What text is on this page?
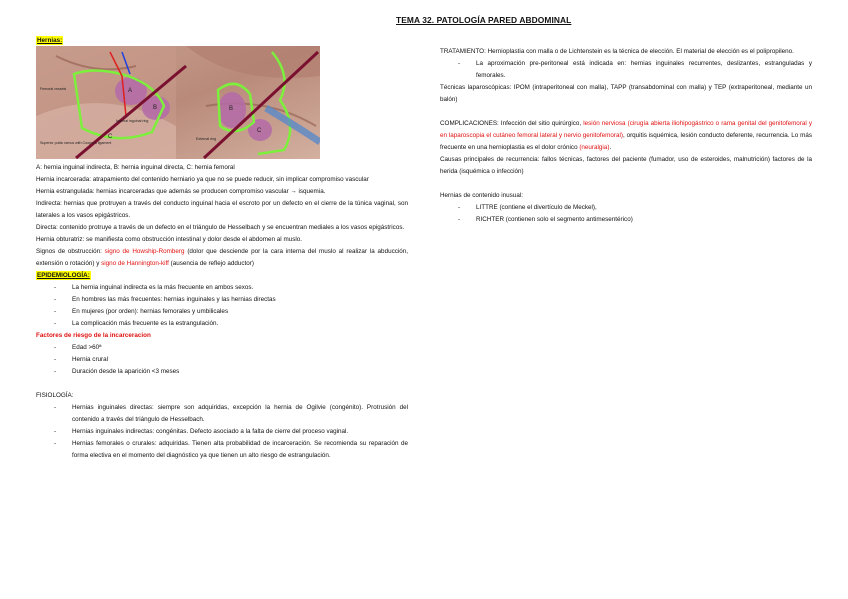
TEMA 32. PATOLOGÍA PARED ABDOMINAL
Hernias:
A
B
C
B
C
Femoral vessels
Internal inguinal ring
External ring
Superior pubic ramus with Cooper's ligament

A: hernia inguinal indirecta, B: hernia inguinal directa, C: hernia femoral

Hernia incarcerada: atrapamiento del contenido herniario ya que no se puede reducir, sin implicar compromiso vascular

Hernia estrangulada: hernias incarceradas que además se producen compromiso vascular → isquemia.

Indirecta: hernias que protruyen a través del conducto inguinal hacia el escroto por un defecto en el cierre de la túnica vaginal, son laterales a los vasos epigástricos.

Directa: contenido protruye a través de un defecto en el triángulo de Hesselbach y se encuentran mediales a los vasos epigástricos.

Hernia obturatriz: se manifiesta como obstrucción intestinal y dolor desde el abdomen al muslo.

Signos de obstrucción: signo de Howship-Romberg (dolor que desciende por la cara interna del muslo al realizar la abducción, extensión o rotación) y signo de Hannington-kiff (ausencia de reflejo adductor)

EPIDEMIOLOGÍA:

- La hernia inguinal indirecta es la más frecuente en ambos sexos.
- En hombres las más frecuentes: hernias inguinales y las hernias directas
- En mujeres (por orden): hernias femorales y umbilicales
- La complicación más frecuente es la estrangulación.

Factores de riesgo de la incarceracion

- Edad >60ª
- Hernia crural
- Duración desde la aparición <3 meses

FISIOLOGÍA:

- Hernias inguinales directas: siempre son adquiridas, excepción la hernia de Ogilvie (congénito). Protrusión del contenido a través del triángulo de Hesselbach.
- Hernias inguinales indirectas: congénitas. Defecto asociado a la falta de cierre del proceso vaginal.
- Hernias femorales o crurales: adquiridas. Tienen alta probabilidad de incarceración. Se recomienda su reparación de forma electiva en el momento del diagnóstico ya que tienen un alto riesgo de estrangulación.

TRATAMIENTO: Hernioplastia con malla o de Lichtenstein es la técnica de elección. El material de elección es el polipropileno.

- La aproximación pre-peritoneal está indicada en: hernias inguinales recurrentes, deslizantes, estranguladas y femorales.

Técnicas laparoscópicas: IPOM (intraperitoneal con malla), TAPP (transabdominal con malla) y TEP (extraperitoneal, mediante un balón)

COMPLICACIONES: Infección del sitio quirúrgico, lesión nerviosa (cirugía abierta iliohipogástrico o rama genital del genitofemoral y en laparoscopia el cutáneo femoral lateral y nervio genitofemoral), orquitis isquémica, lesión conducto deferente, recurrencia. Lo más frecuente en una hernioplastia es el dolor crónico (neuralgia).

Causas principales de recurrencia: fallos técnicas, factores del paciente (fumador, uso de esteroides, malnutrición) factores de la herida (isquémica o infección)

Hernias de contenido inusual:

- LITTRE (contiene el divertículo de Meckel),
- RICHTER (contienen solo el segmento antimesentérico)
